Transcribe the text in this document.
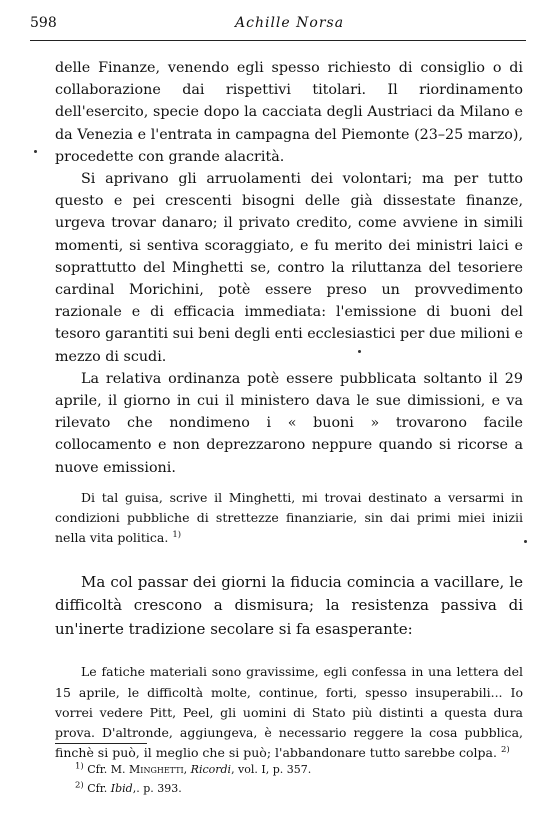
598	Achille Norsa

delle Finanze, venendo egli spesso richiesto di consiglio o di collaborazione dai rispettivi titolari. Il riordinamento dell'esercito, specie dopo la cacciata degli Austriaci da Milano e da Venezia e l'entrata in campagna del Piemonte (23–25 marzo), procedette con grande alacrità.

Si aprivano gli arruolamenti dei volontari; ma per tutto questo e pei crescenti bisogni delle già dissestate finanze, urgeva trovar danaro; il privato credito, come avviene in simili momenti, si sentiva scoraggiato, e fu merito dei ministri laici e soprattutto del Minghetti se, contro la riluttanza del tesoriere cardinal Morichini, potè essere preso un provvedimento razionale e di efficacia immediata: l'emissione di buoni del tesoro garantiti sui beni degli enti ecclesiastici per due milioni e mezzo di scudi.

La relativa ordinanza potè essere pubblicata soltanto il 29 aprile, il giorno in cui il ministero dava le sue dimissioni, e va rilevato che nondimeno i « buoni » trovarono facile collocamento e non deprezzarono neppure quando si ricorse a nuove emissioni.

Di tal guisa, scrive il Minghetti, mi trovai destinato a versarmi in condizioni pubbliche di strettezze finanziarie, sin dai primi miei inizii nella vita politica. $^{1)}$

Ma col passar dei giorni la fiducia comincia a vacillare, le difficoltà crescono a dismisura; la resistenza passiva di un'inerte tradizione secolare si fa esasperante:

Le fatiche materiali sono gravissime, egli confessa in una lettera del 15 aprile, le difficoltà molte, continue, forti, spesso insuperabili... Io vorrei vedere Pitt, Peel, gli uomini di Stato più distinti a questa dura prova. D'altronde, aggiungeva, è necessario reggere la cosa pubblica, finchè si può, il meglio che si può; l'abbandonare tutto sarebbe colpa. $^{2)}$

$^{1)}$ Cfr. M. Minghetti, Ricordi, vol. I, p. 357.
$^{2)}$ Cfr. Ibid,. p. 393.
